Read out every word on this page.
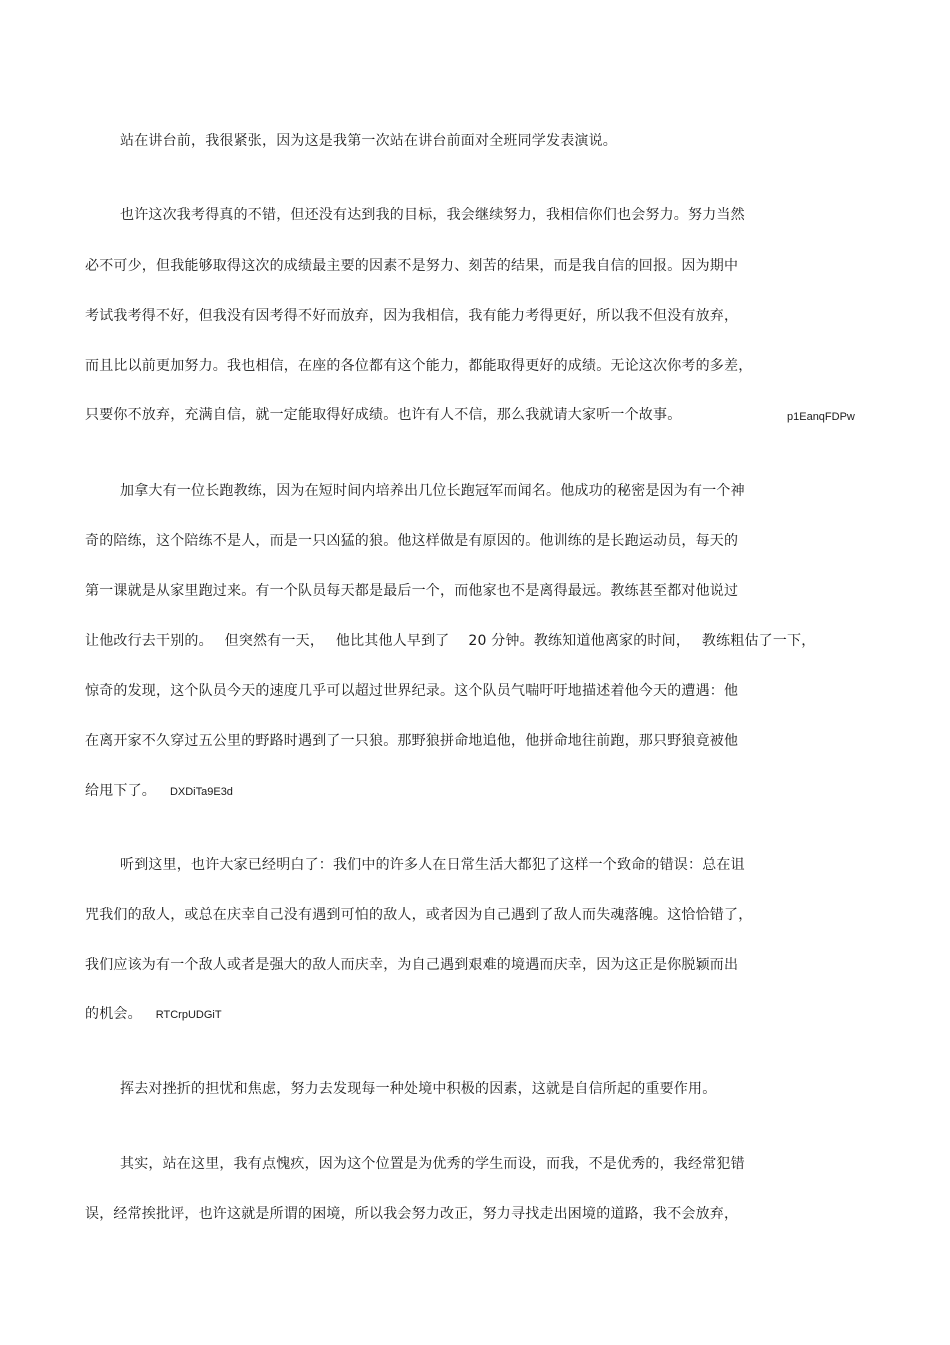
站在讲台前，我很紧张，因为这是我第一次站在讲台前面对全班同学发表演说。
也许这次我考得真的不错，但还没有达到我的目标，我会继续努力，我相信你们也会努力。努力当然
必不可少，但我能够取得这次的成绩最主要的因素不是努力、刻苦的结果，而是我自信的回报。因为期中
考试我考得不好，但我没有因考得不好而放弃，因为我相信，我有能力考得更好，所以我不但没有放弃，
而且比以前更加努力。我也相信，在座的各位都有这个能力，都能取得更好的成绩。无论这次你考的多差，
只要你不放弃，充满自信，就一定能取得好成绩。也许有人不信，那么我就请大家听一个故事。	p1EanqFDPw
加拿大有一位长跑教练，因为在短时间内培养出几位长跑冠军而闻名。他成功的秘密是因为有一个神
奇的陪练，这个陪练不是人，而是一只凶猛的狼。他这样做是有原因的。他训练的是长跑运动员，每天的
第一课就是从家里跑过来。有一个队员每天都是最后一个，而他家也不是离得最远。教练甚至都对他说过
让他改行去干别的。　 但突然有一天，　 他比其他人早到了　 20 分钟。教练知道他离家的时间，　 教练粗估了一下，
惊奇的发现，这个队员今天的速度几乎可以超过世界纪录。这个队员气喘吁吁地描述着他今天的遭遇：他
在离开家不久穿过五公里的野路时遇到了一只狼。那野狼拼命地追他，他拼命地往前跑，那只野狼竟被他
给甩下了。 DXDiTa9E3d
听到这里，也许大家已经明白了：我们中的许多人在日常生活大都犯了这样一个致命的错误：总在诅
咒我们的敌人，或总在庆幸自己没有遇到可怕的敌人，或者因为自己遇到了敌人而失魂落魄。这恰恰错了，
我们应该为有一个敌人或者是强大的敌人而庆幸，为自己遇到艰难的境遇而庆幸，因为这正是你脱颖而出
的机会。 RTCrpUDGiT
挥去对挫折的担忧和焦虑，努力去发现每一种处境中积极的因素，这就是自信所起的重要作用。
其实，站在这里，我有点愧疚，因为这个位置是为优秀的学生而设，而我，不是优秀的，我经常犯错
误，经常挨批评，也许这就是所谓的困境，所以我会努力改正，努力寻找走出困境的道路，我不会放弃，
